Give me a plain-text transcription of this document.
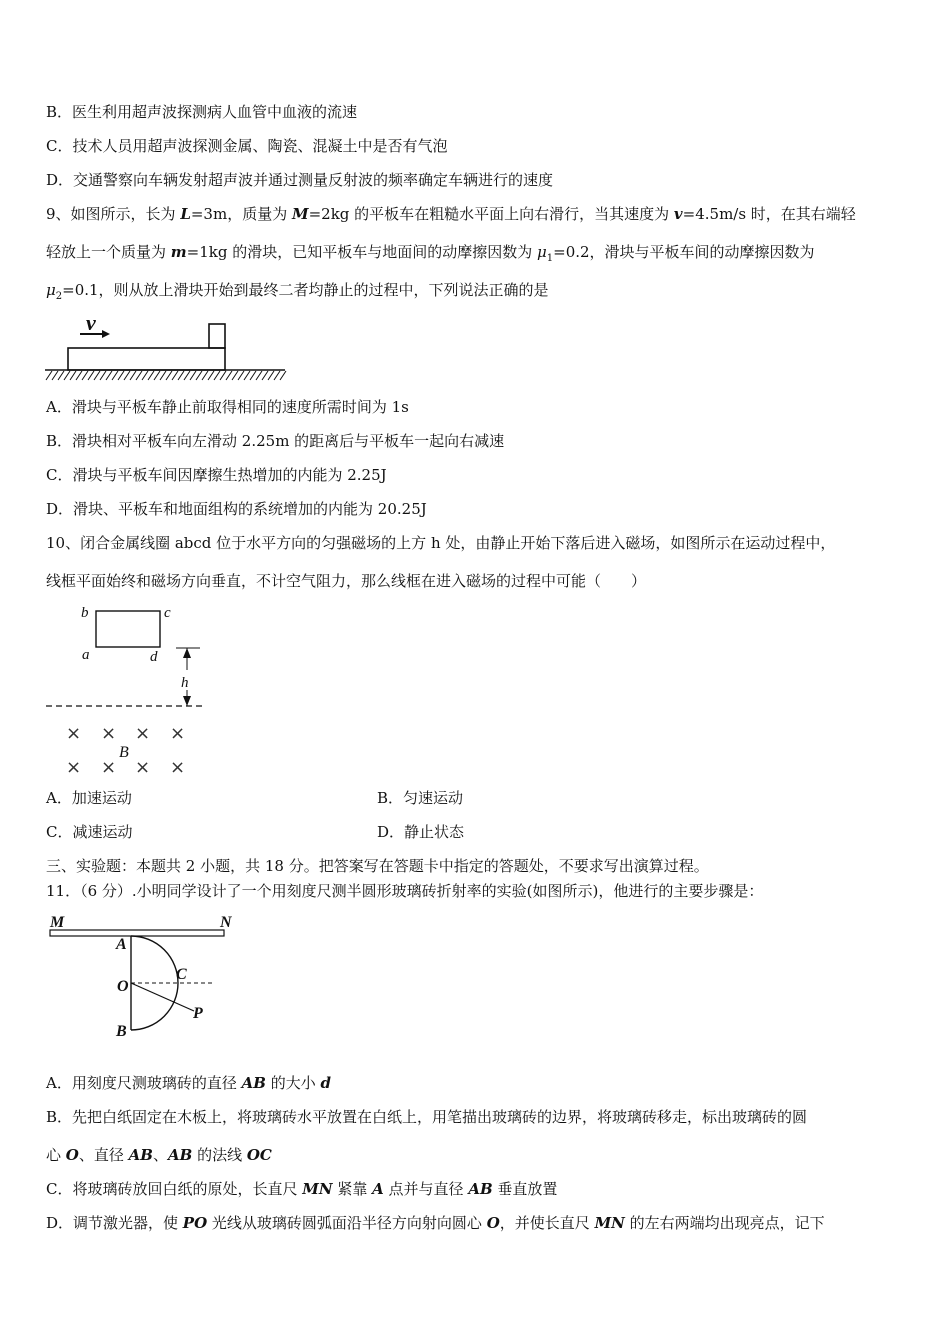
B．医生利用超声波探测病人血管中血液的流速
C．技术人员用超声波探测金属、陶瓷、混凝土中是否有气泡
D．交通警察向车辆发射超声波并通过测量反射波的频率确定车辆进行的速度
9、如图所示，长为 L=3m，质量为 M=2kg 的平板车在粗糙水平面上向右滑行，当其速度为 v=4.5m/s 时，在其右端轻
轻放上一个质量为 m=1kg 的滑块，已知平板车与地面间的动摩擦因数为 $\mu_1=0.2$，滑块与平板车间的动摩擦因数为
$\mu_2=0.1$，则从放上滑块开始到最终二者均静止的过程中，下列说法正确的是
v
A．滑块与平板车静止前取得相同的速度所需时间为 1s
B．滑块相对平板车向左滑动 2.25m 的距离后与平板车一起向右减速
C．滑块与平板车间因摩擦生热增加的内能为 2.25J
D．滑块、平板车和地面组构的系统增加的内能为 20.25J
10、闭合金属线圈 abcd 位于水平方向的匀强磁场的上方 h 处，由静止开始下落后进入磁场，如图所示在运动过程中，
线框平面始终和磁场方向垂直，不计空气阻力，那么线框在进入磁场的过程中可能（　　）
b	c
a	d
h
× × × ×
× × × ×
B
A．加速运动	B．匀速运动
C．减速运动	D．静止状态
三、实验题：本题共 2 小题，共 18 分。把答案写在答题卡中指定的答题处，不要求写出演算过程。
11．（6 分）.小明同学设计了一个用刻度尺测半圆形玻璃砖折射率的实验(如图所示)，他进行的主要步骤是：
M	N
A
O
C
B
P
A．用刻度尺测玻璃砖的直径 AB 的大小 d
B．先把白纸固定在木板上，将玻璃砖水平放置在白纸上，用笔描出玻璃砖的边界，将玻璃砖移走，标出玻璃砖的圆
心 O、直径 AB、AB 的法线 OC
C．将玻璃砖放回白纸的原处，长直尺 MN 紧靠 A 点并与直径 AB 垂直放置
D．调节激光器，使 PO 光线从玻璃砖圆弧面沿半径方向射向圆心 O，并使长直尺 MN 的左右两端均出现亮点，记下
